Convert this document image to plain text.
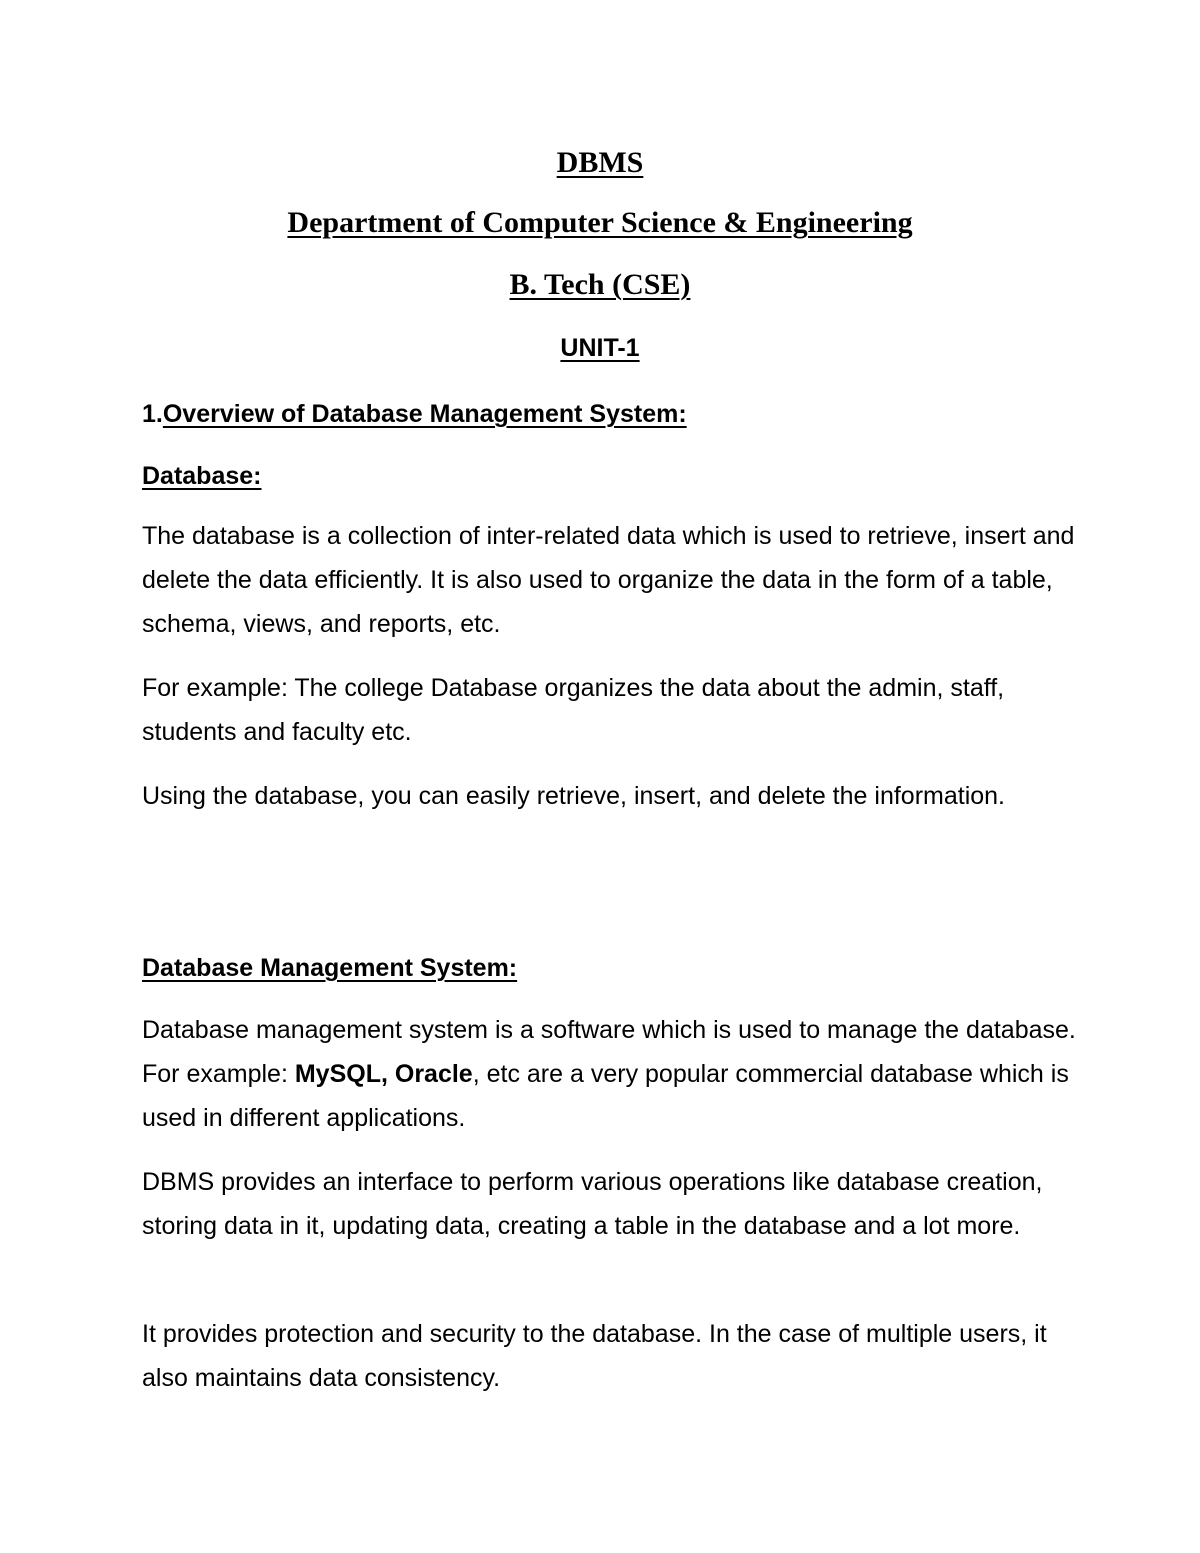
DBMS
Department of Computer Science & Engineering
B. Tech (CSE)
UNIT-1
1.Overview of Database Management System:
Database:

The database is a collection of inter-related data which is used to retrieve, insert and delete the data efficiently. It is also used to organize the data in the form of a table, schema, views, and reports, etc.

For example: The college Database organizes the data about the admin, staff, students and faculty etc.

Using the database, you can easily retrieve, insert, and delete the information.

Database Management System:

Database management system is a software which is used to manage the database. For example: MySQL, Oracle, etc are a very popular commercial database which is used in different applications.

DBMS provides an interface to perform various operations like database creation, storing data in it, updating data, creating a table in the database and a lot more.

It provides protection and security to the database. In the case of multiple users, it also maintains data consistency.
